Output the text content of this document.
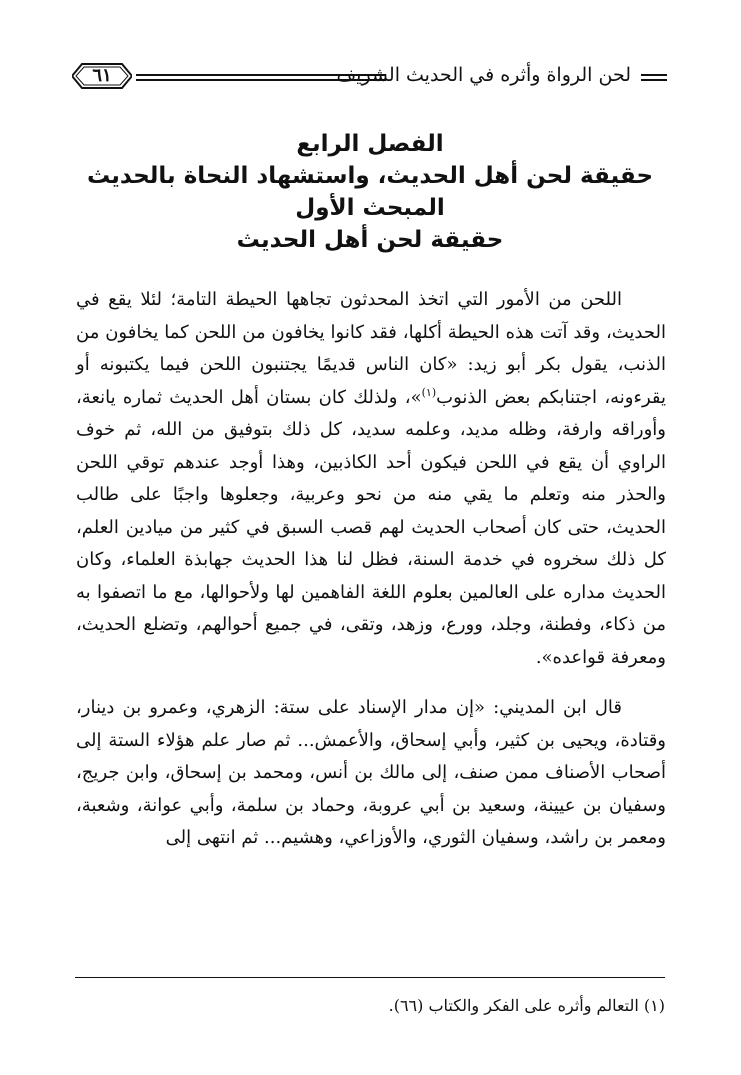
لحن الرواة وأثره في الحديث الشريف
٦١
الفصل الرابع
حقيقة لحن أهل الحديث، واستشهاد النحاة بالحديث
المبحث الأول
حقيقة لحن أهل الحديث

اللحن من الأمور التي اتخذ المحدثون تجاهها الحيطة التامة؛ لئلا يقع في الحديث، وقد آتت هذه الحيطة أكلها، فقد كانوا يخافون من اللحن كما يخافون من الذنب، يقول بكر أبو زيد: «كان الناس قديمًا يجتنبون اللحن فيما يكتبونه أو يقرءونه، اجتنابكم بعض الذنوب$^{(١)}$»، ولذلك كان بستان أهل الحديث ثماره يانعة، وأوراقه وارفة، وظله مديد، وعلمه سديد، كل ذلك بتوفيق من الله، ثم خوف الراوي أن يقع في اللحن فيكون أحد الكاذبين، وهذا أوجد عندهم توقي اللحن والحذر منه وتعلم ما يقي منه من نحو وعربية، وجعلوها واجبًا على طالب الحديث، حتى كان أصحاب الحديث لهم قصب السبق في كثير من ميادين العلم، كل ذلك سخروه في خدمة السنة، فظل لنا هذا الحديث جهابذة العلماء، وكان الحديث مداره على العالمين بعلوم اللغة الفاهمين لها ولأحوالها، مع ما اتصفوا به من ذكاء، وفطنة، وجلد، وورع، وزهد، وتقى، في جميع أحوالهم، وتضلع الحديث، ومعرفة قواعده».

قال ابن المديني: «إن مدار الإسناد على ستة: الزهري، وعمرو بن دينار، وقتادة، ويحيى بن كثير، وأبي إسحاق، والأعمش... ثم صار علم هؤلاء الستة إلى أصحاب الأصناف ممن صنف، إلى مالك بن أنس، ومحمد بن إسحاق، وابن جريج، وسفيان بن عيينة، وسعيد بن أبي عروبة، وحماد بن سلمة، وأبي عوانة، وشعبة، ومعمر بن راشد، وسفيان الثوري، والأوزاعي، وهشيم... ثم انتهى إلى

(١) التعالم وأثره على الفكر والكتاب (٦٦).
